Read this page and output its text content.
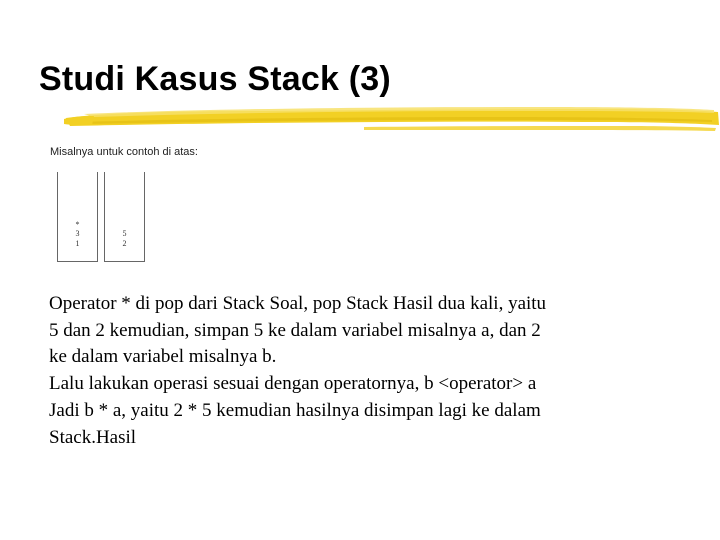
Studi Kasus Stack (3)
Misalnya untuk contoh di atas:
*
3
1
5
2

Operator * di pop dari Stack Soal, pop Stack Hasil dua kali, yaitu

5 dan 2 kemudian, simpan 5 ke dalam variabel misalnya a, dan 2

ke dalam variabel misalnya b.

Lalu lakukan operasi sesuai dengan operatornya, b <operator> a

Jadi b * a, yaitu 2 * 5 kemudian hasilnya disimpan lagi ke dalam

Stack.Hasil
